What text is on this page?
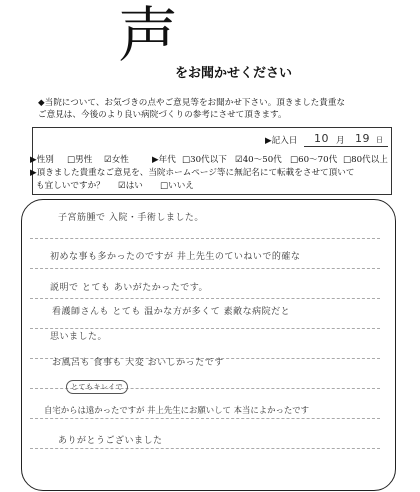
声
をお聞かせください
◆当院について、お気づきの点やご意見等をお聞かせ下さい。頂きました貴重な
ご意見は、今後のより良い病院づくりの参考にさせて頂きます。
▶記入日 10 月 19 日
▶性別 □男性 ☑女性	▶年代 □30代以下 ☑40～50代 □60～70代 □80代以上
▶頂きました貴重なご意見を、当院ホームページ等に無記名にて転載をさせて頂いて
も宜しいですか？ ☑はい □いいえ
子宮筋腫で 入院・手術しました。
初めな事も多かったのですが 井上先生のていねいで的確な
説明で とても あいがたかったです。
看護師さんも とても 温かな方が多くて 素敵な病院だと
思いました。
お風呂も 食事も 大変 おいしかったです
とてもキレイで
自宅からは遠かったですが 井上先生にお願いして 本当によかったです
ありがとうございました
